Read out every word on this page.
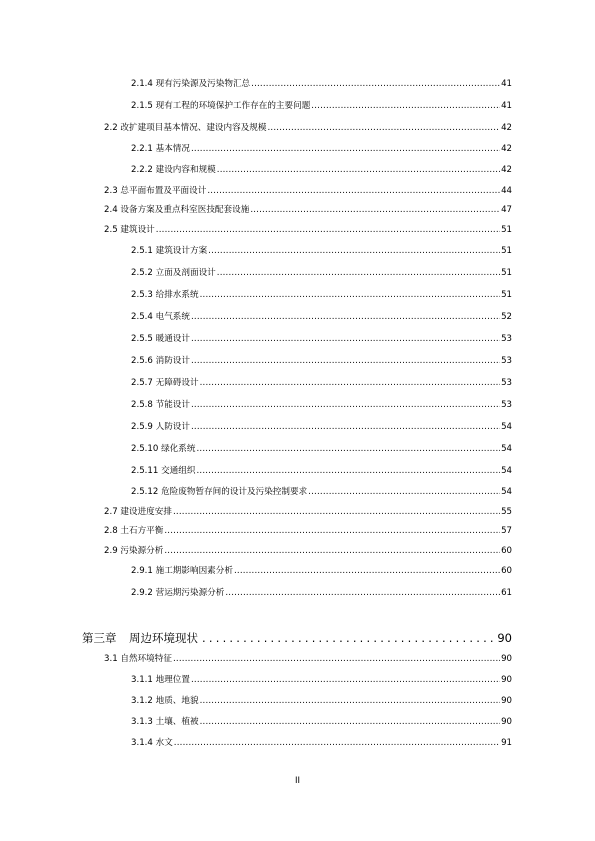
2.1.4 现有污染源及污染物汇总 .....	41
2.1.5 现有工程的环境保护工作存在的主要问题 .....	41
2.2 改扩建项目基本情况、建设内容及规模 .....	42
2.2.1 基本情况 .....	42
2.2.2 建设内容和规模 .....	42
2.3 总平面布置及平面设计 .....	44
2.4 设备方案及重点科室医技配套设施 .....	47
2.5 建筑设计 .....	51
2.5.1 建筑设计方案 .....	51
2.5.2 立面及剖面设计 .....	51
2.5.3 给排水系统 .....	51
2.5.4 电气系统 .....	52
2.5.5 暖通设计 .....	53
2.5.6 消防设计 .....	53
2.5.7 无障碍设计 .....	53
2.5.8 节能设计 .....	53
2.5.9 人防设计 .....	54
2.5.10 绿化系统 .....	54
2.5.11 交通组织 .....	54
2.5.12 危险废物暂存间的设计及污染控制要求 .....	54
2.7 建设进度安排 .....	55
2.8 土石方平衡 .....	57
2.9 污染源分析 .....	60
2.9.1 施工期影响因素分析 .....	60
2.9.2 营运期污染源分析 .....	61
第三章	周边环境现状 .....	90
3.1 自然环境特征 .....	90
3.1.1 地理位置 .....	90
3.1.2 地质、地貌 .....	90
3.1.3 土壤、植被 .....	90
3.1.4 水文 .....	91
II
